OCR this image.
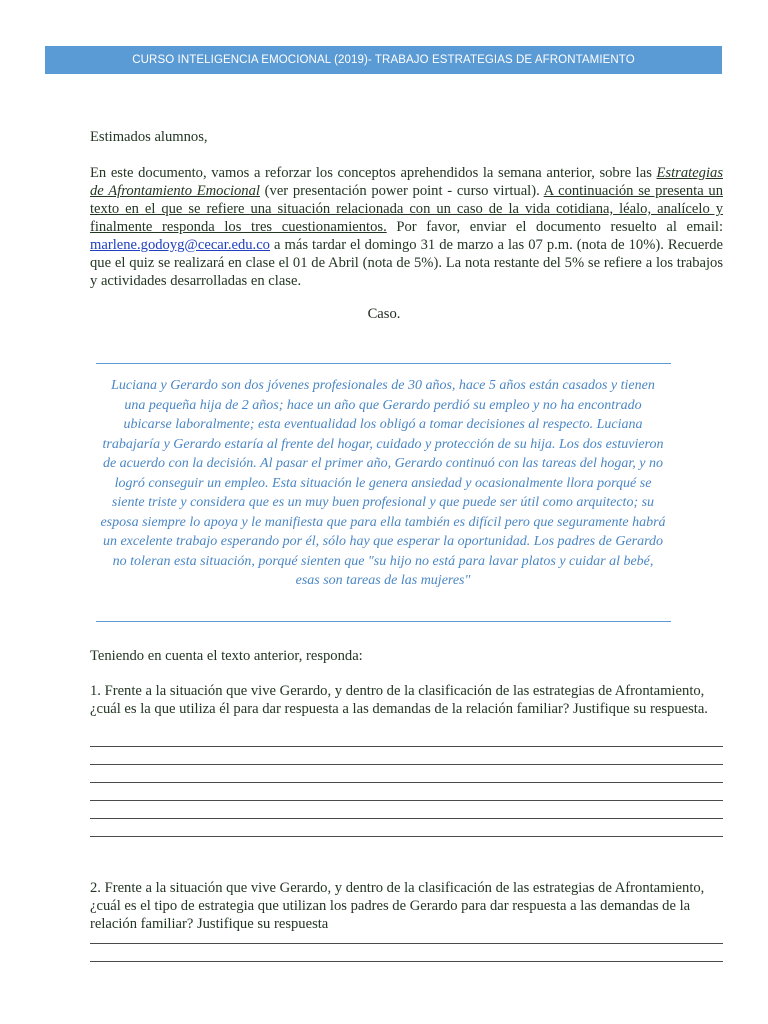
CURSO INTELIGENCIA EMOCIONAL (2019)- TRABAJO ESTRATEGIAS DE AFRONTAMIENTO
Estimados alumnos,
En este documento, vamos a reforzar los conceptos aprehendidos la semana anterior, sobre las Estrategias de Afrontamiento Emocional (ver presentación power point - curso virtual). A continuación se presenta un texto en el que se refiere una situación relacionada con un caso de la vida cotidiana, léalo, analícelo y finalmente responda los tres cuestionamientos. Por favor, enviar el documento resuelto al email: marlene.godoyg@cecar.edu.co a más tardar el domingo 31 de marzo a las 07 p.m. (nota de 10%). Recuerde que el quiz se realizará en clase el 01 de Abril (nota de 5%). La nota restante del 5% se refiere a los trabajos y actividades desarrolladas en clase.
Caso.
Luciana y Gerardo son dos jóvenes profesionales de 30 años, hace 5 años están casados y tienen una pequeña hija de 2 años; hace un año que Gerardo perdió su empleo y no ha encontrado ubicarse laboralmente; esta eventualidad los obligó a tomar decisiones al respecto. Luciana trabajaría y Gerardo estaría al frente del hogar, cuidado y protección de su hija. Los dos estuvieron de acuerdo con la decisión. Al pasar el primer año, Gerardo continuó con las tareas del hogar, y no logró conseguir un empleo. Esta situación le genera ansiedad y ocasionalmente llora porqué se siente triste y considera que es un muy buen profesional y que puede ser útil como arquitecto; su esposa siempre lo apoya y le manifiesta que para ella también es difícil pero que seguramente habrá un excelente trabajo esperando por él, sólo hay que esperar la oportunidad. Los padres de Gerardo no toleran esta situación, porqué sienten que "su hijo no está para lavar platos y cuidar al bebé, esas son tareas de las mujeres"
Teniendo en cuenta el texto anterior, responda:
1. Frente a la situación que vive Gerardo, y dentro de la clasificación de las estrategias de Afrontamiento, ¿cuál es la que utiliza él para dar respuesta a las demandas de la relación familiar? Justifique su respuesta.
2. Frente a la situación que vive Gerardo, y dentro de la clasificación de las estrategias de Afrontamiento, ¿cuál es el tipo de estrategia que utilizan los padres de Gerardo para dar respuesta a las demandas de la relación familiar? Justifique su respuesta
